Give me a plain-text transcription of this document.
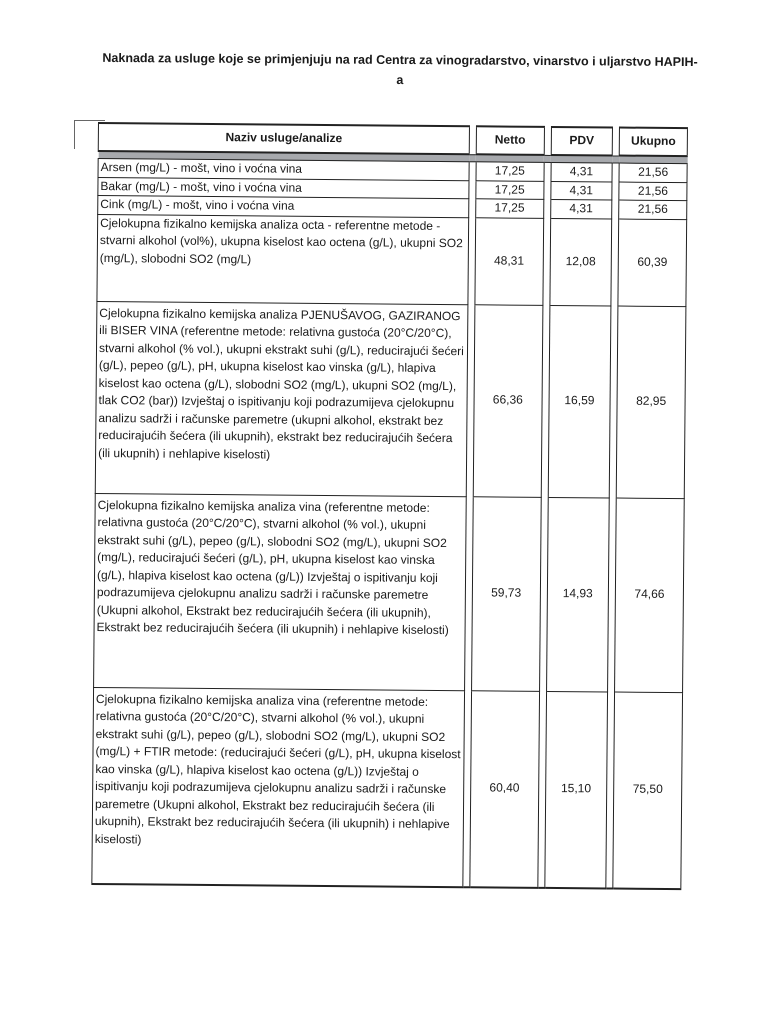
Naknada za usluge koje se primjenjuju na rad Centra za vinogradarstvo, vinarstvo i uljarstvo HAPIH-
a
Naziv usluge/analize		Netto		PDV		Ukupno

Arsen (mg/L) - mošt, vino i voćna vina		17,25		4,31		21,56
Bakar (mg/L) - mošt, vino i voćna vina		17,25		4,31		21,56
Cink (mg/L) - mošt, vino i voćna vina		17,25		4,31		21,56
Cjelokupna fizikalno kemijska analiza octa - referentne metode - stvarni alkohol (vol%), ukupna kiselost kao octena (g/L), ukupni SO2 (mg/L), slobodni SO2 (mg/L)		48,31		12,08		60,39
Cjelokupna fizikalno kemijska analiza PJENUŠAVOG, GAZIRANOG ili BISER VINA (referentne metode: relativna gustoća (20°C/20°C), stvarni alkohol (% vol.), ukupni ekstrakt suhi (g/L), reducirajući šećeri (g/L), pepeo (g/L), pH, ukupna kiselost kao vinska (g/L), hlapiva kiselost kao octena (g/L), slobodni SO2 (mg/L), ukupni SO2 (mg/L), tlak CO2 (bar)) Izvještaj o ispitivanju koji podrazumijeva cjelokupnu analizu sadrži i računske paremetre (ukupni alkohol, ekstrakt bez reducirajućih šećera (ili ukupnih), ekstrakt bez reducirajućih šećera (ili ukupnih) i nehlapive kiselosti)		66,36		16,59		82,95
Cjelokupna fizikalno kemijska analiza vina (referentne metode: relativna gustoća (20°C/20°C), stvarni alkohol (% vol.), ukupni ekstrakt suhi (g/L), pepeo (g/L), slobodni SO2 (mg/L), ukupni SO2 (mg/L), reducirajući šećeri (g/L), pH, ukupna kiselost kao vinska (g/L), hlapiva kiselost kao octena (g/L)) Izvještaj o ispitivanju koji podrazumijeva cjelokupnu analizu sadrži i računske paremetre (Ukupni alkohol, Ekstrakt bez reducirajućih šećera (ili ukupnih), Ekstrakt bez reducirajućih šećera (ili ukupnih) i nehlapive kiselosti)		59,73		14,93		74,66
Cjelokupna fizikalno kemijska analiza vina (referentne metode: relativna gustoća (20°C/20°C), stvarni alkohol (% vol.), ukupni ekstrakt suhi (g/L), pepeo (g/L), slobodni SO2 (mg/L), ukupni SO2 (mg/L) + FTIR metode: (reducirajući šećeri (g/L), pH, ukupna kiselost kao vinska (g/L), hlapiva kiselost kao octena (g/L)) Izvještaj o ispitivanju koji podrazumijeva cjelokupnu analizu sadrži i računske paremetre (Ukupni alkohol, Ekstrakt bez reducirajućih šećera (ili ukupnih), Ekstrakt bez reducirajućih šećera (ili ukupnih) i nehlapive kiselosti)		60,40		15,10		75,50
